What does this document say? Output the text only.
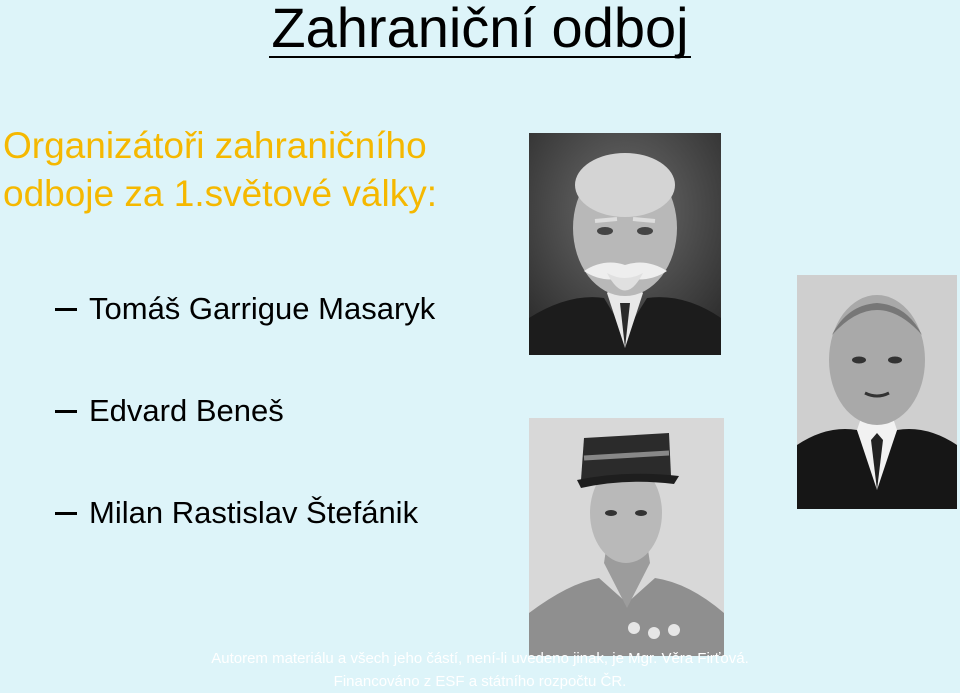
Zahraniční odboj
Organizátoři zahraničního
odboje za 1.světové války:
Tomáš Garrigue Masaryk
Edvard Beneš
Milan Rastislav Štefánik
Autorem materiálu a všech jeho částí, není-li uvedeno jinak, je Mgr. Věra Firťová.
Financováno z ESF a státního rozpočtu ČR.
